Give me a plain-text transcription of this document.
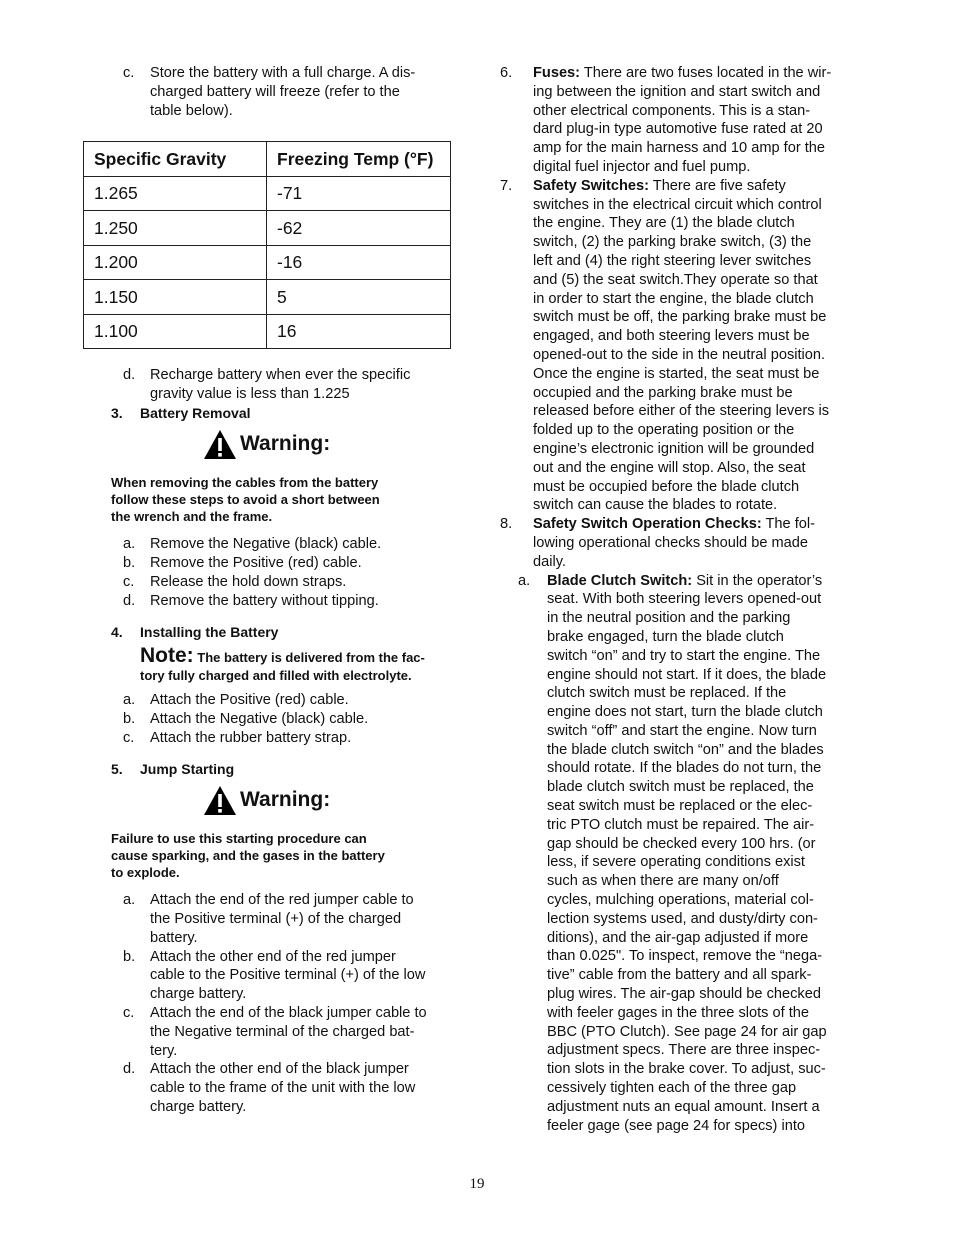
c.	Store the battery with a full charge. A dis-
charged battery will freeze (refer to the
table below).
Specific Gravity	Freezing Temp (°F)
1.265	-71
1.250	-62
1.200	-16
1.150	5
1.100	16
d.	Recharge battery when ever the specific
gravity value is less than 1.225
3.	Battery Removal
Warning:
When removing the cables from the battery
follow these steps to avoid a short between
the wrench and the frame.
a.	Remove the Negative (black) cable.
b.	Remove the Positive (red) cable.
c.	Release the hold down straps.
d.	Remove the battery without tipping.
4.	Installing the Battery
Note: The battery is delivered from the fac-
tory fully charged and filled with electrolyte.
a.	Attach the Positive (red) cable.
b.	Attach the Negative (black) cable.
c.	Attach the rubber battery strap.
5.	Jump Starting
Warning:
Failure to use this starting procedure can
cause sparking, and the gases in the battery
to explode.
a.	Attach the end of the red jumper cable to
the Positive terminal (+) of the charged
battery.
b.	Attach the other end of the red jumper
cable to the Positive terminal (+) of the low
charge battery.
c.	Attach the end of the black jumper cable to
the Negative terminal of the charged bat-
tery.
d.	Attach the other end of the black jumper
cable to the frame of the unit with the low
charge battery.
6.	Fuses: There are two fuses located in the wir-
ing between the ignition and start switch and
other electrical components. This is a stan-
dard plug-in type automotive fuse rated at 20
amp for the main harness and 10 amp for the
digital fuel injector and fuel pump.
7.	Safety Switches: There are five safety
switches in the electrical circuit which control
the engine. They are (1) the blade clutch
switch, (2) the parking brake switch, (3) the
left and (4) the right steering lever switches
and (5) the seat switch.They operate so that
in order to start the engine, the blade clutch
switch must be off, the parking brake must be
engaged, and both steering levers must be
opened-out to the side in the neutral position.
Once the engine is started, the seat must be
occupied and the parking brake must be
released before either of the steering levers is
folded up to the operating position or the
engine’s electronic ignition will be grounded
out and the engine will stop. Also, the seat
must be occupied before the blade clutch
switch can cause the blades to rotate.
8.	Safety Switch Operation Checks: The fol-
lowing operational checks should be made
daily.
a.	Blade Clutch Switch: Sit in the operator’s
seat. With both steering levers opened-out
in the neutral position and the parking
brake engaged, turn the blade clutch
switch “on” and try to start the engine. The
engine should not start. If it does, the blade
clutch switch must be replaced. If the
engine does not start, turn the blade clutch
switch “off” and start the engine. Now turn
the blade clutch switch “on” and the blades
should rotate. If the blades do not turn, the
blade clutch switch must be replaced, the
seat switch must be replaced or the elec-
tric PTO clutch must be repaired. The air-
gap should be checked every 100 hrs. (or
less, if severe operating conditions exist
such as when there are many on/off
cycles, mulching operations, material col-
lection systems used, and dusty/dirty con-
ditions), and the air-gap adjusted if more
than 0.025". To inspect, remove the “nega-
tive” cable from the battery and all spark-
plug wires. The air-gap should be checked
with feeler gages in the three slots of the
BBC (PTO Clutch). See page 24 for air gap
adjustment specs. There are three inspec-
tion slots in the brake cover. To adjust, suc-
cessively tighten each of the three gap
adjustment nuts an equal amount. Insert a
feeler gage (see page 24 for specs) into
19
